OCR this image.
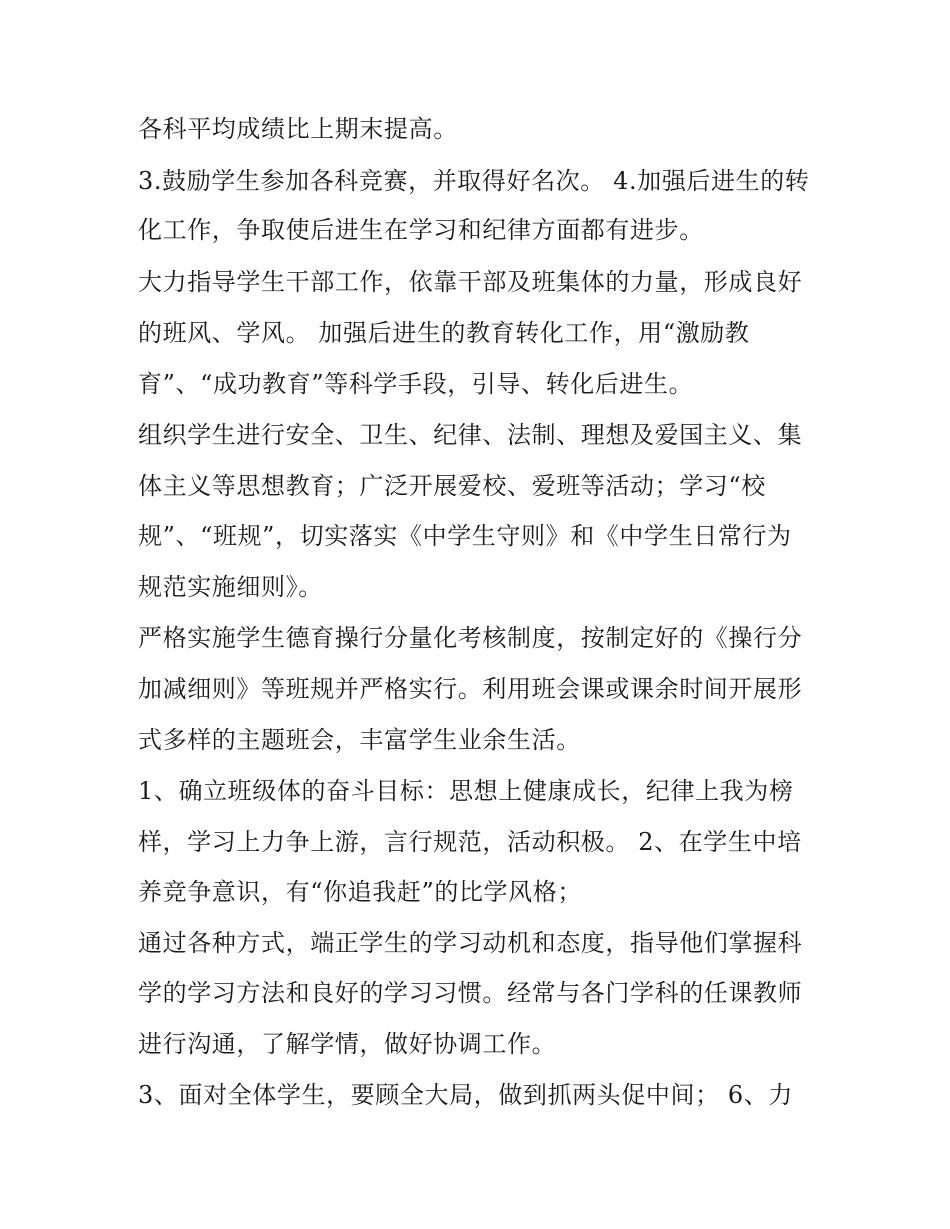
各科平均成绩比上期末提高。
3.鼓励学生参加各科竞赛，并取得好名次。 4.加强后进生的转
化工作，争取使后进生在学习和纪律方面都有进步。
大力指导学生干部工作，依靠干部及班集体的力量，形成良好
的班风、学风。 加强后进生的教育转化工作，用“激励教
育”、“成功教育”等科学手段，引导、转化后进生。
组织学生进行安全、卫生、纪律、法制、理想及爱国主义、集
体主义等思想教育；广泛开展爱校、爱班等活动；学习“校
规”、“班规”，切实落实《中学生守则》和《中学生日常行为
规范实施细则》。
严格实施学生德育操行分量化考核制度，按制定好的《操行分
加减细则》等班规并严格实行。利用班会课或课余时间开展形
式多样的主题班会，丰富学生业余生活。
1、确立班级体的奋斗目标：思想上健康成长，纪律上我为榜
样，学习上力争上游，言行规范，活动积极。 2、在学生中培
养竞争意识，有“你追我赶”的比学风格；
通过各种方式，端正学生的学习动机和态度，指导他们掌握科
学的学习方法和良好的学习习惯。经常与各门学科的任课教师
进行沟通，了解学情，做好协调工作。
3、面对全体学生，要顾全大局，做到抓两头促中间； 6、力
